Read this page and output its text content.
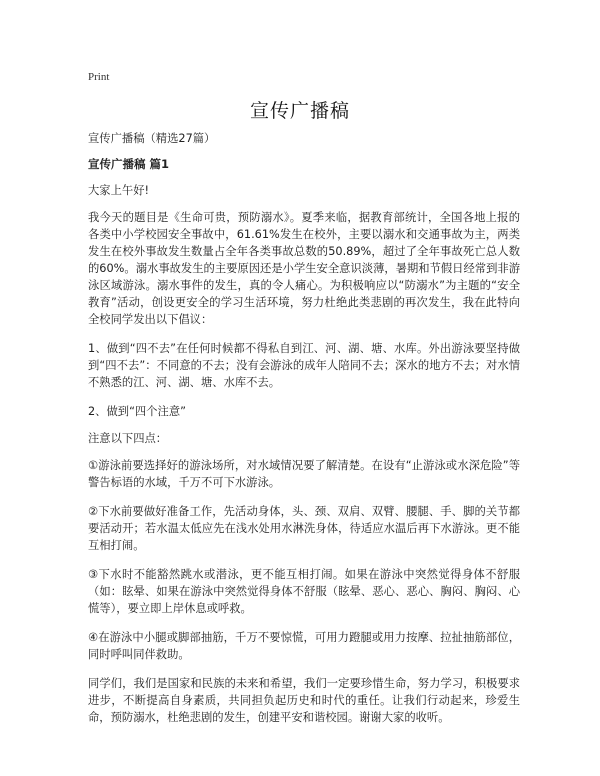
Print
宣传广播稿

宣传广播稿（精选27篇）

宣传广播稿 篇1

大家上午好!

我今天的题目是《生命可贵，预防溺水》。夏季来临，据教育部统计，全国各地上报的各类中小学校园安全事故中，61.61%发生在校外，主要以溺水和交通事故为主，两类发生在校外事故发生数量占全年各类事故总数的50.89%，超过了全年事故死亡总人数的60%。溺水事故发生的主要原因还是小学生安全意识淡薄，暑期和节假日经常到非游泳区域游泳。溺水事件的发生，真的令人痛心。为积极响应以“防溺水”为主题的“安全教育”活动，创设更安全的学习生活环境，努力杜绝此类悲剧的再次发生，我在此特向全校同学发出以下倡议：

1、做到“四不去”在任何时候都不得私自到江、河、湖、塘、水库。外出游泳要坚持做到“四不去”：不同意的不去；没有会游泳的成年人陪同不去；深水的地方不去；对水情不熟悉的江、河、湖、塘、水库不去。

2、做到“四个注意”

注意以下四点：

①游泳前要选择好的游泳场所，对水域情况要了解清楚。在设有“止游泳或水深危险”等警告标语的水域，千万不可下水游泳。

②下水前要做好准备工作，先活动身体，头、颈、双肩、双臂、腰腿、手、脚的关节都要活动开；若水温太低应先在浅水处用水淋洗身体，待适应水温后再下水游泳。更不能互相打闹。

③下水时不能豁然跳水或潜泳，更不能互相打闹。如果在游泳中突然觉得身体不舒服（如：眩晕、如果在游泳中突然觉得身体不舒服（眩晕、恶心、恶心、胸闷、胸闷、心慌等），要立即上岸休息或呼救。

④在游泳中小腿或脚部抽筋，千万不要惊慌，可用力蹬腿或用力按摩、拉扯抽筋部位，同时呼叫同伴救助。

同学们，我们是国家和民族的未来和希望，我们一定要珍惜生命，努力学习，积极要求进步，不断提高自身素质，共同担负起历史和时代的重任。让我们行动起来，珍爱生命，预防溺水，杜绝悲剧的发生，创建平安和谐校园。谢谢大家的收听。
